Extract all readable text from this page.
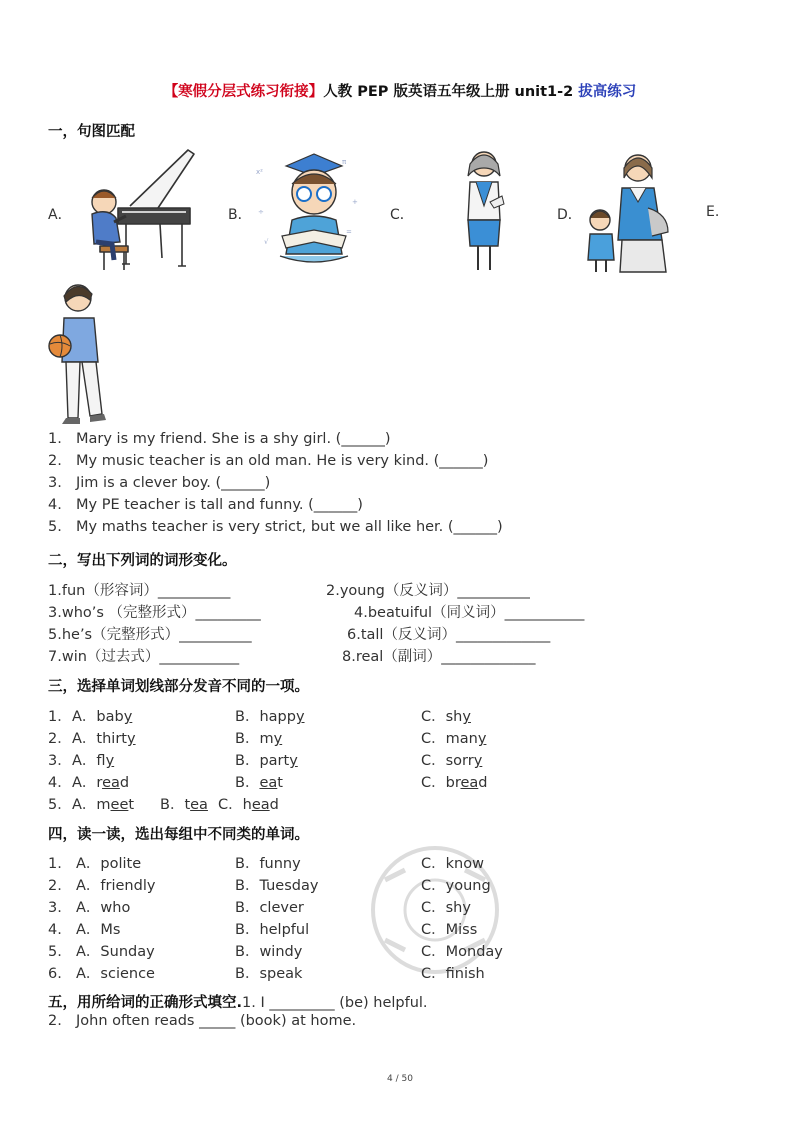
【寒假分层式练习衔接】人教 PEP 版英语五年级上册 unit1-2 拔高练习
一，句图匹配
A．	B．	C．	D．	E.
x²
π
+
÷
=
√
1. Mary is my friend. She is a shy girl. (______)
2. My music teacher is an old man. He is very kind. (______)
3. Jim is a clever boy. (______)
4. My PE teacher is tall and funny. (______)
5. My maths teacher is very strict, but we all like her. (______)
二，写出下列词的词形变化。
1.fun（形容词）__________	2.young（反义词）__________
3.who’s （完整形式）_________	4.beatuiful（同义词）___________
5.he’s（完整形式）__________	6.tall（反义词）_____________
7.win（过去式）___________	8.real（副词）_____________
三，选择单词划线部分发音不同的一项。
1． A．baby	B．happy	C．shy
2． A．thirty	B．my	C．many
3． A．fly	B．party	C．sorry
4． A．read	B．eat	C．bread
5． A．meet B．tea C．head
四，读一读，选出每组中不同类的单词。
1. A．polite	B．funny	C．know
2. A．friendly	B．Tuesday	C．young
3. A．who	B．clever	C．shy
4. A．Ms	B．helpful	C．Miss
5. A．Sunday	B．windy	C．Monday
6. A．science	B．speak	C．finish
五，用所给词的正确形式填空.1. I _________ (be) helpful.
2. John often reads _____ (book) at home.
4 / 50
